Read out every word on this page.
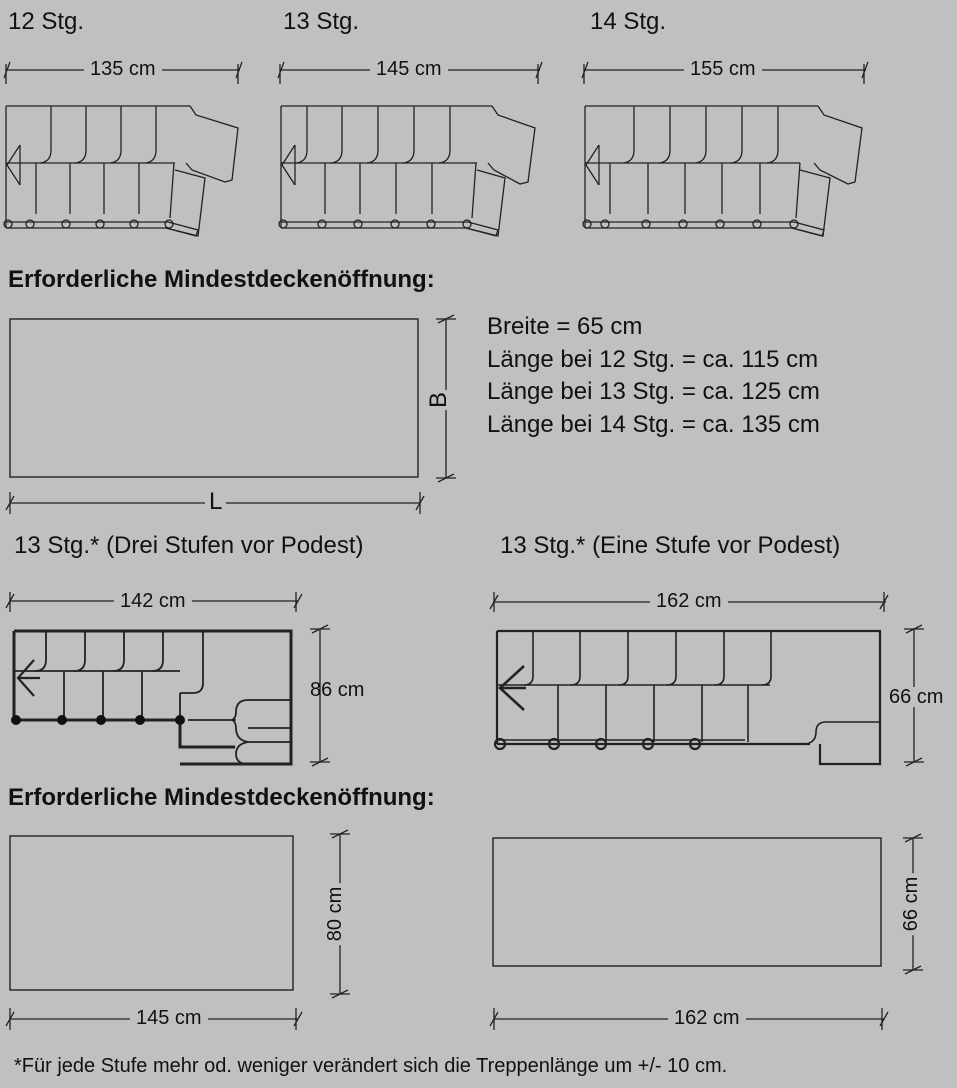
12 Stg.	13 Stg.	14 Stg.
135 cm	145 cm	155 cm
Erforderliche Mindestdeckenöffnung:
L
B
Breite = 65 cm
Länge bei 12 Stg. = ca. 115 cm
Länge bei 13 Stg. = ca. 125 cm
Länge bei 14 Stg. = ca. 135 cm
13 Stg.* (Drei Stufen vor Podest)	13 Stg.* (Eine Stufe vor Podest)
142 cm	162 cm
86 cm	66 cm
Erforderliche Mindestdeckenöffnung:
145 cm	162 cm
80 cm	66 cm
*Für jede Stufe mehr od. weniger verändert sich die Treppenlänge um +/- 10 cm.
